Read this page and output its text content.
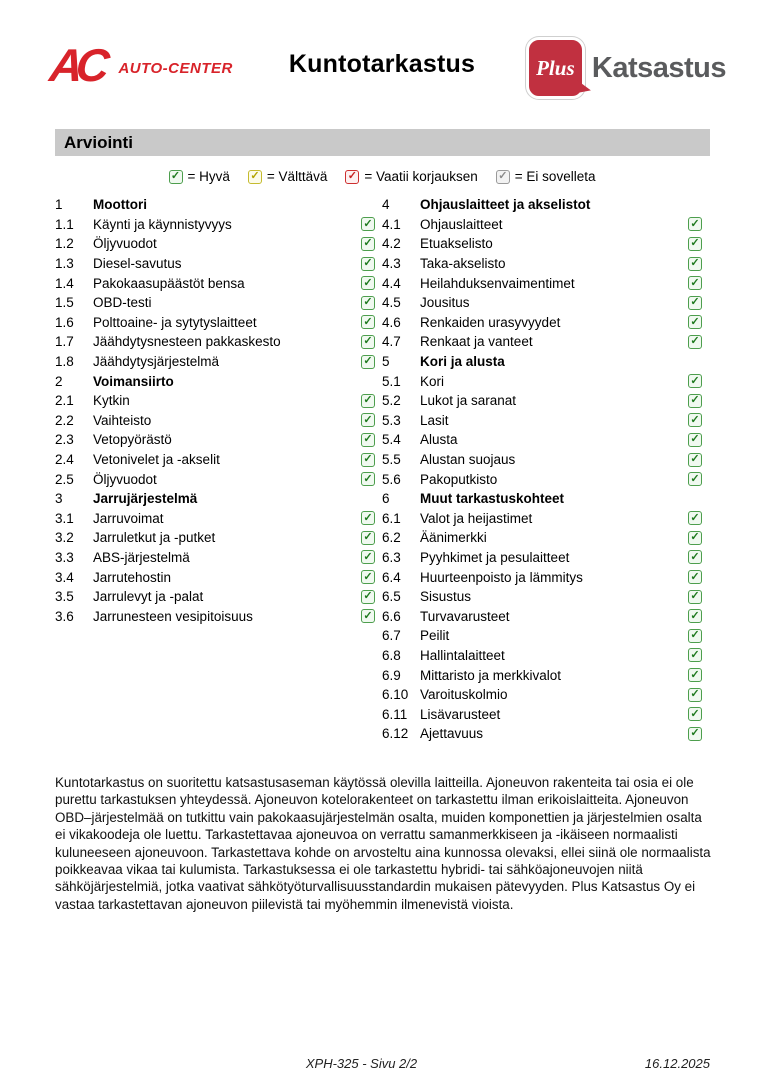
AC AUTO-CENTER	Kuntotarkastus	Plus Katsastus
Arviointi
✓ = Hyvä ✓ = Välttävä ✓ = Vaatii korjauksen ✓ = Ei sovelleta
1	Moottori
1.1	Käynti ja käynnistyvyys	✓
1.2	Öljyvuodot	✓
1.3	Diesel-savutus	✓
1.4	Pakokaasupäästöt bensa	✓
1.5	OBD-testi	✓
1.6	Polttoaine- ja sytytyslaitteet	✓
1.7	Jäähdytysnesteen pakkaskesto	✓
1.8	Jäähdytysjärjestelmä	✓
2	Voimansiirto
2.1	Kytkin	✓
2.2	Vaihteisto	✓
2.3	Vetopyörästö	✓
2.4	Vetonivelet ja -akselit	✓
2.5	Öljyvuodot	✓
3	Jarrujärjestelmä
3.1	Jarruvoimat	✓
3.2	Jarruletkut ja -putket	✓
3.3	ABS-järjestelmä	✓
3.4	Jarrutehostin	✓
3.5	Jarrulevyt ja -palat	✓
3.6	Jarrunesteen vesipitoisuus	✓
4	Ohjauslaitteet ja akselistot
4.1	Ohjauslaitteet	✓
4.2	Etuakselisto	✓
4.3	Taka-akselisto	✓
4.4	Heilahduksenvaimentimet	✓
4.5	Jousitus	✓
4.6	Renkaiden urasyvyydet	✓
4.7	Renkaat ja vanteet	✓
5	Kori ja alusta
5.1	Kori	✓
5.2	Lukot ja saranat	✓
5.3	Lasit	✓
5.4	Alusta	✓
5.5	Alustan suojaus	✓
5.6	Pakoputkisto	✓
6	Muut tarkastuskohteet
6.1	Valot ja heijastimet	✓
6.2	Äänimerkki	✓
6.3	Pyyhkimet ja pesulaitteet	✓
6.4	Huurteenpoisto ja lämmitys	✓
6.5	Sisustus	✓
6.6	Turvavarusteet	✓
6.7	Peilit	✓
6.8	Hallintalaitteet	✓
6.9	Mittaristo ja merkkivalot	✓
6.10 Varoituskolmio	✓
6.11 Lisävarusteet	✓
6.12 Ajettavuus	✓
Kuntotarkastus on suoritettu katsastusaseman käytössä olevilla laitteilla. Ajoneuvon rakenteita tai osia ei ole purettu tarkastuksen yhteydessä. Ajoneuvon kotelorakenteet on tarkastettu ilman erikoislaitteita. Ajoneuvon OBD–järjestelmää on tutkittu vain pakokaasujärjestelmän osalta, muiden komponettien ja järjestelmien osalta ei vikakoodeja ole luettu. Tarkastettavaa ajoneuvoa on verrattu samanmerkkiseen ja -ikäiseen normaalisti kuluneeseen ajoneuvoon. Tarkastettava kohde on arvosteltu aina kunnossa olevaksi, ellei siinä ole normaalista poikkeavaa vikaa tai kulumista. Tarkastuksessa ei ole tarkastettu hybridi- tai sähköajoneuvojen niitä sähköjärjestelmiä, jotka vaativat sähkötyöturvallisuusstandardin mukaisen pätevyyden. Plus Katsastus Oy ei vastaa tarkastettavan ajoneuvon piilevistä tai myöhemmin ilmenevistä vioista.
XPH-325 - Sivu 2/2	16.12.2025
